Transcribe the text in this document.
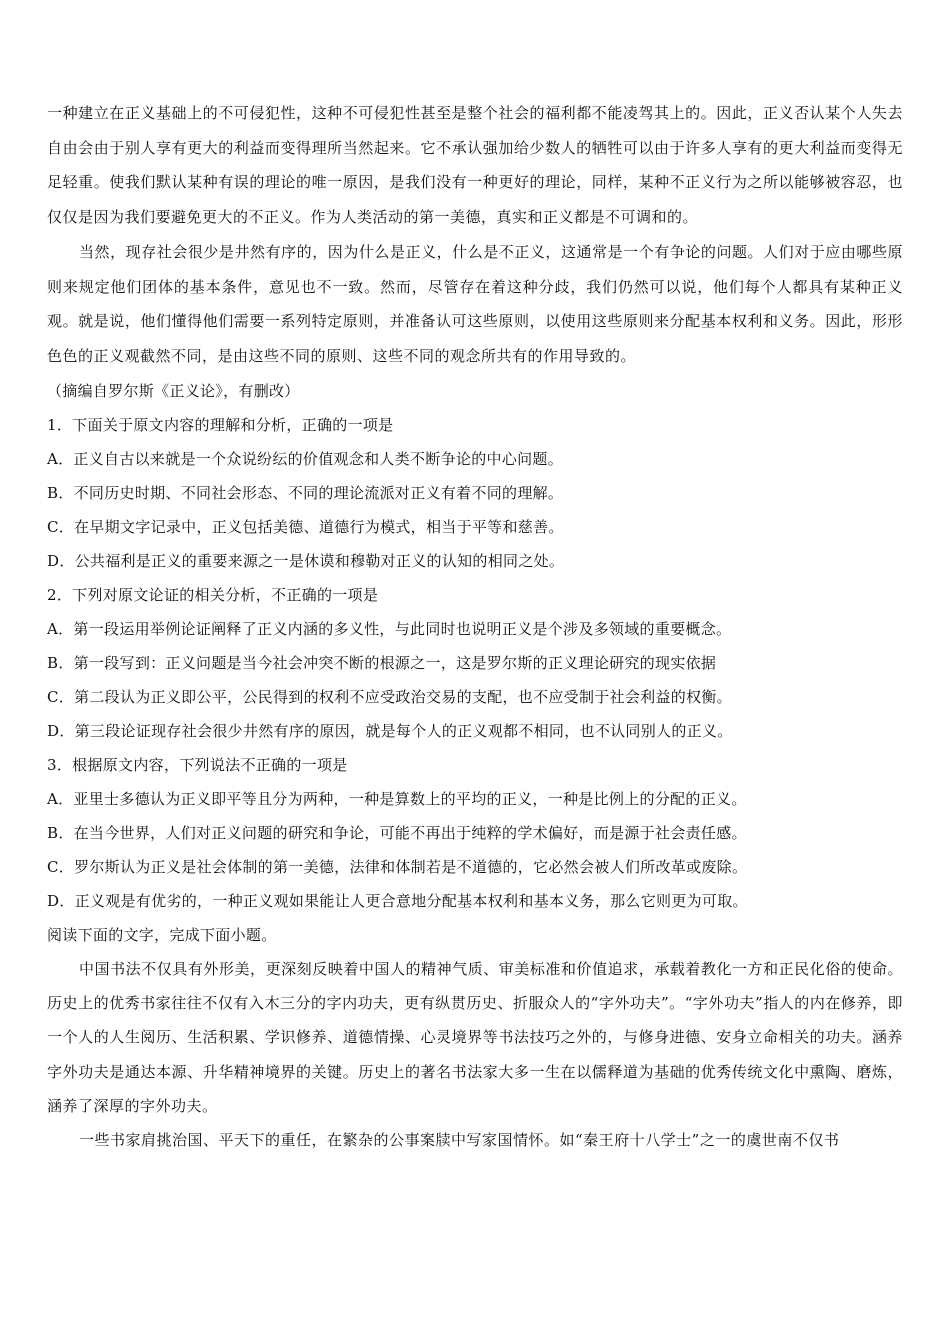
一种建立在正义基础上的不可侵犯性，这种不可侵犯性甚至是整个社会的福利都不能凌驾其上的。因此，正义否认某个人失去自由会由于别人享有更大的利益而变得理所当然起来。它不承认强加给少数人的牺牲可以由于许多人享有的更大利益而变得无足轻重。使我们默认某种有误的理论的唯一原因，是我们没有一种更好的理论，同样，某种不正义行为之所以能够被容忍，也仅仅是因为我们要避免更大的不正义。作为人类活动的第一美德，真实和正义都是不可调和的。

当然，现存社会很少是井然有序的，因为什么是正义，什么是不正义，这通常是一个有争论的问题。人们对于应由哪些原则来规定他们团体的基本条件，意见也不一致。然而，尽管存在着这种分歧，我们仍然可以说，他们每个人都具有某种正义观。就是说，他们懂得他们需要一系列特定原则，并准备认可这些原则，以使用这些原则来分配基本权利和义务。因此，形形色色的正义观截然不同，是由这些不同的原则、这些不同的观念所共有的作用导致的。

（摘编自罗尔斯《正义论》，有删改）

1．下面关于原文内容的理解和分析，正确的一项是

A．正义自古以来就是一个众说纷纭的价值观念和人类不断争论的中心问题。

B．不同历史时期、不同社会形态、不同的理论流派对正义有着不同的理解。

C．在早期文字记录中，正义包括美德、道德行为模式，相当于平等和慈善。

D．公共福利是正义的重要来源之一是休谟和穆勒对正义的认知的相同之处。

2．下列对原文论证的相关分析，不正确的一项是

A．第一段运用举例论证阐释了正义内涵的多义性，与此同时也说明正义是个涉及多领域的重要概念。

B．第一段写到：正义问题是当今社会冲突不断的根源之一，这是罗尔斯的正义理论研究的现实依据

C．第二段认为正义即公平，公民得到的权利不应受政治交易的支配，也不应受制于社会利益的权衡。

D．第三段论证现存社会很少井然有序的原因，就是每个人的正义观都不相同，也不认同别人的正义。

3．根据原文内容，下列说法不正确的一项是

A．亚里士多德认为正义即平等且分为两种，一种是算数上的平均的正义，一种是比例上的分配的正义。

B．在当今世界，人们对正义问题的研究和争论，可能不再出于纯粹的学术偏好，而是源于社会责任感。

C．罗尔斯认为正义是社会体制的第一美德，法律和体制若是不道德的，它必然会被人们所改革或废除。

D．正义观是有优劣的，一种正义观如果能让人更合意地分配基本权利和基本义务，那么它则更为可取。

阅读下面的文字，完成下面小题。

中国书法不仅具有外形美，更深刻反映着中国人的精神气质、审美标准和价值追求，承载着教化一方和正民化俗的使命。历史上的优秀书家往往不仅有入木三分的字内功夫，更有纵贯历史、折服众人的“字外功夫”。“字外功夫”指人的内在修养，即一个人的人生阅历、生活积累、学识修养、道德情操、心灵境界等书法技巧之外的，与修身进德、安身立命相关的功夫。涵养字外功夫是通达本源、升华精神境界的关键。历史上的著名书法家大多一生在以儒释道为基础的优秀传统文化中熏陶、磨炼，涵养了深厚的字外功夫。

一些书家肩挑治国、平天下的重任，在繁杂的公事案牍中写家国情怀。如“秦王府十八学士”之一的虞世南不仅书
